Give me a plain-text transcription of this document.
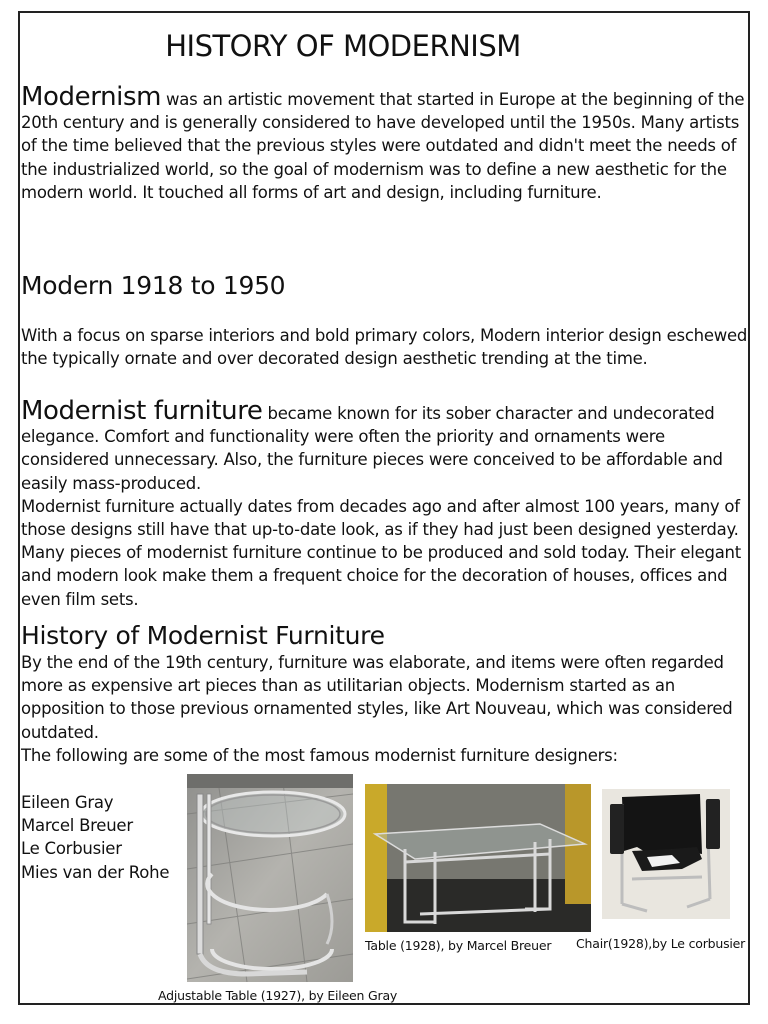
HISTORY OF MODERNISM

Modernism was an artistic movement that started in Europe at the beginning of the 20th century and is generally considered to have developed until the 1950s. Many artists of the time believed that the previous styles were outdated and didn't meet the needs of the industrialized world, so the goal of modernism was to define a new aesthetic for the modern world. It touched all forms of art and design, including furniture.

Modern 1918 to 1950

With a focus on sparse interiors and bold primary colors, Modern interior design eschewed the typically ornate and over decorated design aesthetic trending at the time.

Modernist furniture became known for its sober character and undecorated elegance. Comfort and functionality were often the priority and ornaments were considered unnecessary. Also, the furniture pieces were conceived to be affordable and easily mass-produced.
Modernist furniture actually dates from decades ago and after almost 100 years, many of those designs still have that up-to-date look, as if they had just been designed yesterday. Many pieces of modernist furniture continue to be produced and sold today. Their elegant and modern look make them a frequent choice for the decoration of houses, offices and even film sets.

History of Modernist Furniture

By the end of the 19th century, furniture was elaborate, and items were often regarded more as expensive art pieces than as utilitarian objects. Modernism started as an opposition to those previous ornamented styles, like Art Nouveau, which was considered outdated.
The following are some of the most famous modernist furniture designers:

Eileen Gray
Marcel Breuer
Le Corbusier
Mies van der Rohe
Table (1928), by Marcel Breuer Chair(1928),by Le corbusier
Adjustable Table (1927), by Eileen Gray
